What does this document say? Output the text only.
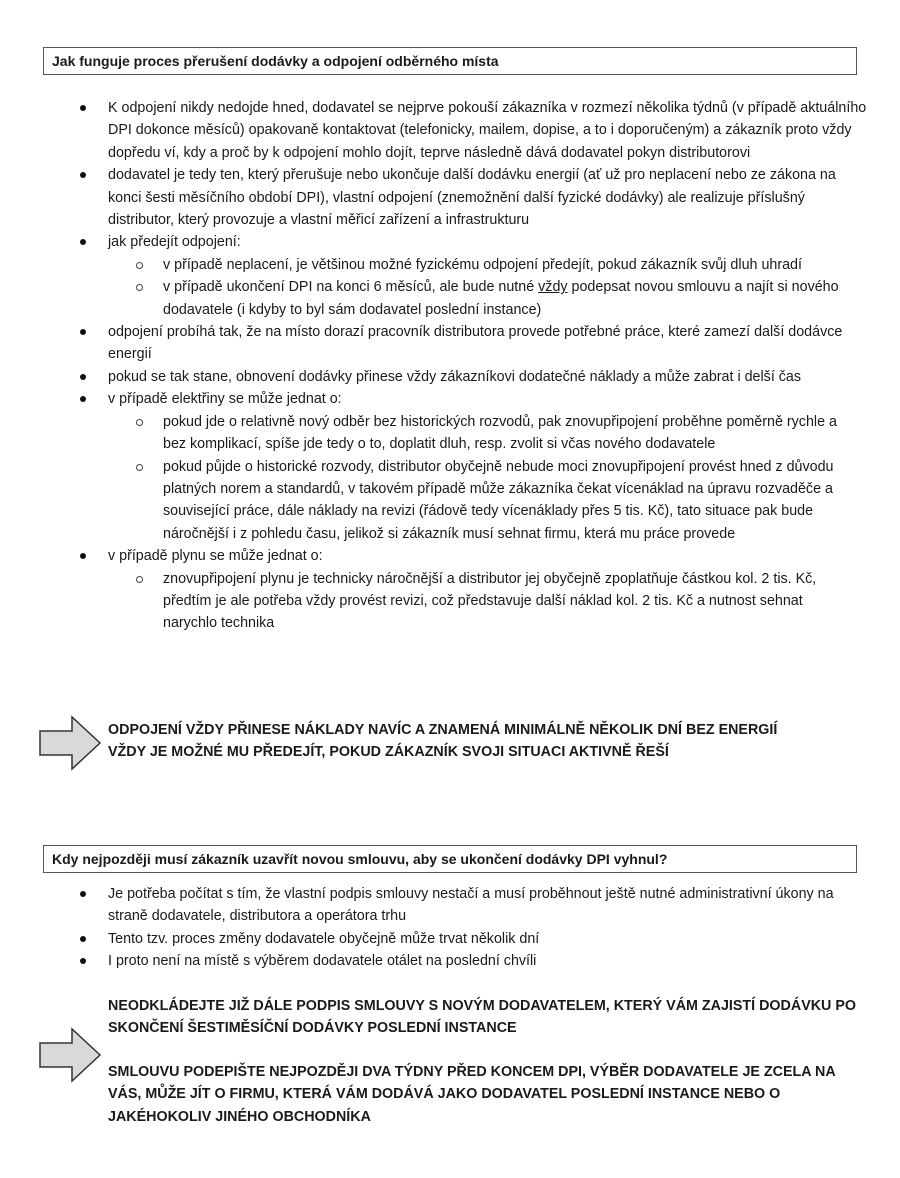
Jak funguje proces přerušení dodávky a odpojení odběrného místa
K odpojení nikdy nedojde hned, dodavatel se nejprve pokouší zákazníka v rozmezí několika týdnů (v případě aktuálního DPI dokonce měsíců) opakovaně kontaktovat (telefonicky, mailem, dopise, a to i doporučeným) a zákazník proto vždy dopředu ví, kdy a proč by k odpojení mohlo dojít, teprve následně dává dodavatel pokyn distributorovi
dodavatel je tedy ten, který přerušuje nebo ukončuje další dodávku energií (ať už pro neplacení nebo ze zákona na konci šesti měsíčního období DPI), vlastní odpojení (znemožnění další fyzické dodávky) ale realizuje příslušný distributor, který provozuje a vlastní měřicí zařízení a infrastrukturu
jak předejít odpojení:
v případě neplacení, je většinou možné fyzickému odpojení předejít, pokud zákazník svůj dluh uhradí
v případě ukončení DPI na konci 6 měsíců, ale bude nutné vždy podepsat novou smlouvu a najít si nového dodavatele (i kdyby to byl sám dodavatel poslední instance)
odpojení probíhá tak, že na místo dorazí pracovník distributora provede potřebné práce, které zamezí další dodávce energií
pokud se tak stane, obnovení dodávky přinese vždy zákazníkovi dodatečné náklady a může zabrat i delší čas
v případě elektřiny se může jednat o:
pokud jde o relativně nový odběr bez historických rozvodů, pak znovupřipojení proběhne poměrně rychle a bez komplikací, spíše jde tedy o to, doplatit dluh, resp. zvolit si včas nového dodavatele
pokud půjde o historické rozvody, distributor obyčejně nebude moci znovupřipojení provést hned z důvodu platných norem a standardů, v takovém případě může zákazníka čekat vícenáklad na úpravu rozvaděče a související práce, dále náklady na revizi (řádově tedy vícenáklady přes 5 tis. Kč), tato situace pak bude náročnější i z pohledu času, jelikož si zákazník musí sehnat firmu, která mu práce provede
v případě plynu se může jednat o:
znovupřipojení plynu je technicky náročnější a distributor jej obyčejně zpoplatňuje částkou kol. 2 tis. Kč, předtím je ale potřeba vždy provést revizi, což představuje další náklad kol. 2 tis. Kč a nutnost sehnat narychlo technika
ODPOJENÍ VŽDY PŘINESE NÁKLADY NAVÍC A ZNAMENÁ MINIMÁLNĚ NĚKOLIK DNÍ BEZ ENERGIÍ
VŽDY JE MOŽNÉ MU PŘEDEJÍT, POKUD ZÁKAZNÍK SVOJI SITUACI AKTIVNĚ ŘEŠÍ
Kdy nejpozději musí zákazník uzavřít novou smlouvu, aby se ukončení dodávky DPI vyhnul?
Je potřeba počítat s tím, že vlastní podpis smlouvy nestačí a musí proběhnout ještě nutné administrativní úkony na straně dodavatele, distributora a operátora trhu
Tento tzv. proces změny dodavatele obyčejně může trvat několik dní
I proto není na místě s výběrem dodavatele otálet na poslední chvíli
NEODKLÁDEJTE JIŽ DÁLE PODPIS SMLOUVY S NOVÝM DODAVATELEM, KTERÝ VÁM ZAJISTÍ DODÁVKU PO SKONČENÍ ŠESTIMĚSÍČNÍ DODÁVKY POSLEDNÍ INSTANCE
SMLOUVU PODEPIŠTE NEJPOZDĚJI DVA TÝDNY PŘED KONCEM DPI, VÝBĚR DODAVATELE JE ZCELA NA VÁS, MŮŽE JÍT O FIRMU, KTERÁ VÁM DODÁVÁ JAKO DODAVATEL POSLEDNÍ INSTANCE NEBO O JAKÉHOKOLIV JINÉHO OBCHODNÍKA
